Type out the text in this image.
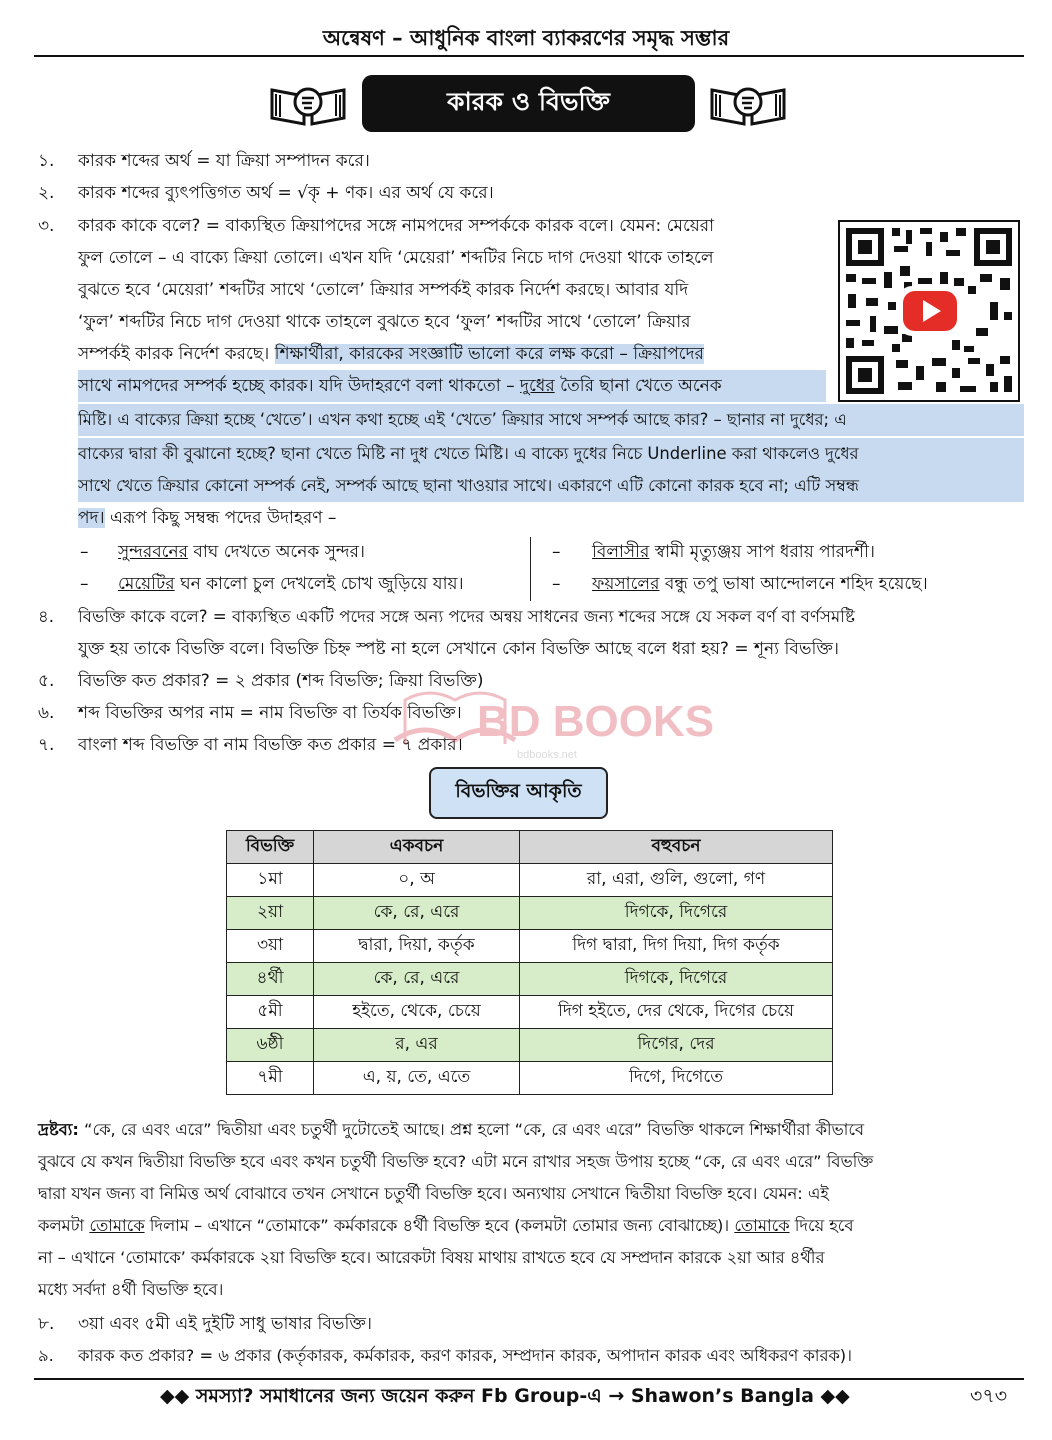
অন্বেষণ – আধুনিক বাংলা ব্যাকরণের সমৃদ্ধ সম্ভার
কারক ও বিভক্তি
১.	কারক শব্দের অর্থ = যা ক্রিয়া সম্পাদন করে।
২.	কারক শব্দের ব্যুৎপত্তিগত অর্থ = √কৃ + ণক। এর অর্থ যে করে।
৩.	কারক কাকে বলে? = বাক্যস্থিত ক্রিয়াপদের সঙ্গে নামপদের সম্পর্ককে কারক বলে। যেমন: মেয়েরা
ফুল তোলে – এ বাক্যে ক্রিয়া তোলে। এখন যদি ‘মেয়েরা’ শব্দটির নিচে দাগ দেওয়া থাকে তাহলে
বুঝতে হবে ‘মেয়েরা’ শব্দটির সাথে ‘তোলে’ ক্রিয়ার সম্পর্কই কারক নির্দেশ করছে। আবার যদি
‘ফুল’ শব্দটির নিচে দাগ দেওয়া থাকে তাহলে বুঝতে হবে ‘ফুল’ শব্দটির সাথে ‘তোলে’ ক্রিয়ার
সম্পর্কই কারক নির্দেশ করছে। শিক্ষার্থীরা, কারকের সংজ্ঞাটি ভালো করে লক্ষ করো – ক্রিয়াপদের
সাথে নামপদের সম্পর্ক হচ্ছে কারক। যদি উদাহরণে বলা থাকতো – দুধের তৈরি ছানা খেতে অনেক
মিষ্টি। এ বাক্যের ক্রিয়া হচ্ছে ‘খেতে’। এখন কথা হচ্ছে এই ‘খেতে’ ক্রিয়ার সাথে সম্পর্ক আছে কার? – ছানার না দুধের; এ
বাক্যের দ্বারা কী বুঝানো হচ্ছে? ছানা খেতে মিষ্টি না দুধ খেতে মিষ্টি। এ বাক্যে দুধের নিচে Underline করা থাকলেও দুধের
সাথে খেতে ক্রিয়ার কোনো সম্পর্ক নেই, সম্পর্ক আছে ছানা খাওয়ার সাথে। একারণে এটি কোনো কারক হবে না; এটি সম্বন্ধ
পদ। এরূপ কিছু সম্বন্ধ পদের উদাহরণ –
–	সুন্দরবনের বাঘ দেখতে অনেক সুন্দর।	–	বিলাসীর স্বামী মৃত্যুঞ্জয় সাপ ধরায় পারদর্শী।
–	মেয়েটির ঘন কালো চুল দেখলেই চোখ জুড়িয়ে যায়।	–	ফয়সালের বন্ধু তপু ভাষা আন্দোলনে শহিদ হয়েছে।
৪.	বিভক্তি কাকে বলে? = বাক্যস্থিত একটি পদের সঙ্গে অন্য পদের অন্বয় সাধনের জন্য শব্দের সঙ্গে যে সকল বর্ণ বা বর্ণসমষ্টি
যুক্ত হয় তাকে বিভক্তি বলে। বিভক্তি চিহ্ন স্পষ্ট না হলে সেখানে কোন বিভক্তি আছে বলে ধরা হয়? = শূন্য বিভক্তি।
৫.	বিভক্তি কত প্রকার? = ২ প্রকার (শব্দ বিভক্তি; ক্রিয়া বিভক্তি)
৬.	শব্দ বিভক্তির অপর নাম = নাম বিভক্তি বা তির্যক বিভক্তি।
৭.	বাংলা শব্দ বিভক্তি বা নাম বিভক্তি কত প্রকার = ৭ প্রকার। BD BOOKS
bdbooks.net
বিভক্তির আকৃতি
বিভক্তি	একবচন	বহুবচন
১মা	০, অ	রা, এরা, গুলি, গুলো, গণ
২য়া	কে, রে, এরে	দিগকে, দিগেরে
৩য়া	দ্বারা, দিয়া, কর্তৃক	দিগ দ্বারা, দিগ দিয়া, দিগ কর্তৃক
৪র্থী	কে, রে, এরে	দিগকে, দিগেরে
৫মী	হইতে, থেকে, চেয়ে	দিগ হইতে, দের থেকে, দিগের চেয়ে
৬ষ্ঠী	র, এর	দিগের, দের
৭মী	এ, য়, তে, এতে	দিগে, দিগেতে
দ্রষ্টব্য: “কে, রে এবং এরে” দ্বিতীয়া এবং চতুর্থী দুটোতেই আছে। প্রশ্ন হলো “কে, রে এবং এরে” বিভক্তি থাকলে শিক্ষার্থীরা কীভাবে
বুঝবে যে কখন দ্বিতীয়া বিভক্তি হবে এবং কখন চতুর্থী বিভক্তি হবে? এটা মনে রাখার সহজ উপায় হচ্ছে “কে, রে এবং এরে” বিভক্তি
দ্বারা যখন জন্য বা নিমিত্ত অর্থ বোঝাবে তখন সেখানে চতুর্থী বিভক্তি হবে। অন্যথায় সেখানে দ্বিতীয়া বিভক্তি হবে। যেমন: এই
কলমটা তোমাকে দিলাম – এখানে “তোমাকে” কর্মকারকে ৪র্থী বিভক্তি হবে (কলমটা তোমার জন্য বোঝাচ্ছে)। তোমাকে দিয়ে হবে
না – এখানে ‘তোমাকে’ কর্মকারকে ২য়া বিভক্তি হবে। আরেকটা বিষয় মাথায় রাখতে হবে যে সম্প্রদান কারকে ২য়া আর ৪র্থীর
মধ্যে সর্বদা ৪র্থী বিভক্তি হবে।
৮.	৩য়া এবং ৫মী এই দুইটি সাধু ভাষার বিভক্তি।
৯.	কারক কত প্রকার? = ৬ প্রকার (কর্তৃকারক, কর্মকারক, করণ কারক, সম্প্রদান কারক, অপাদান কারক এবং অধিকরণ কারক)।
◆◆ সমস্যা? সমাধানের জন্য জয়েন করুন Fb Group-এ → Shawon’s Bangla ◆◆	৩৭৩
